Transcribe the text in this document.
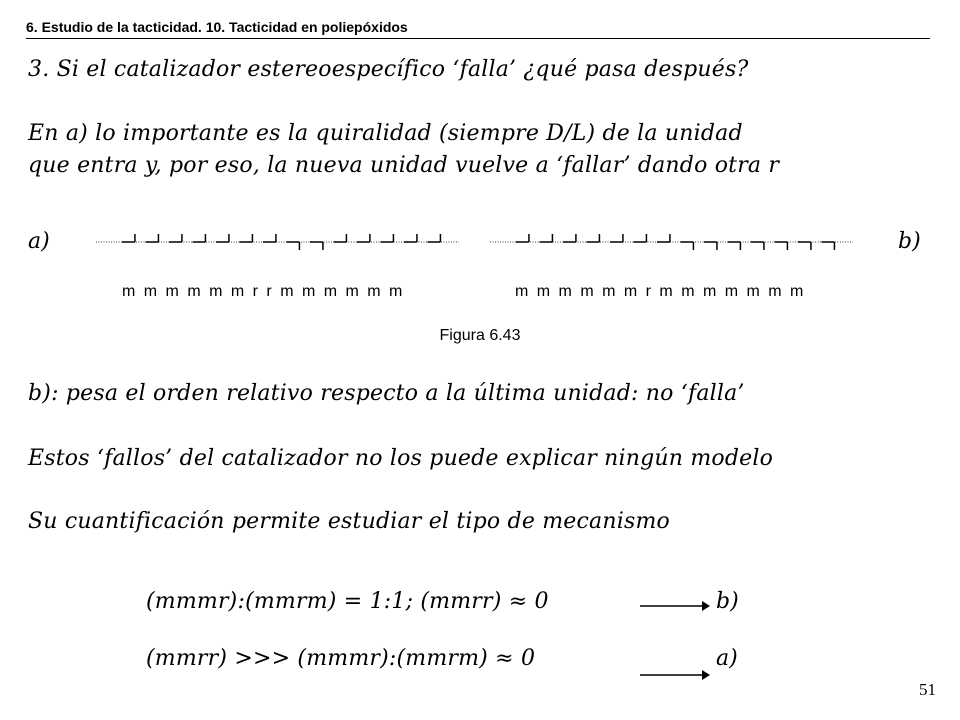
6. Estudio de la tacticidad. 10. Tacticidad en poliepóxidos
3. Si el catalizador estereoespecífico ‘falla’ ¿qué pasa después?
En a) lo importante es la quiralidad (siempre D/L) de la unidad
que entra y, por eso, la nueva unidad vuelve a ‘fallar’ dando otra r
a)	b)
m m m m m m r r m m m m m m	m m m m m m r m m m m m m m
Figura 6.43
b): pesa el orden relativo respecto a la última unidad: no ‘falla’
Estos ‘fallos’ del catalizador no los puede explicar ningún modelo
Su cuantificación permite estudiar el tipo de mecanismo
(mmmr):(mmrm) = 1:1; (mmrr) ≈ 0	b)
(mmrr) >>> (mmmr):(mmrm) ≈ 0	a)
51
